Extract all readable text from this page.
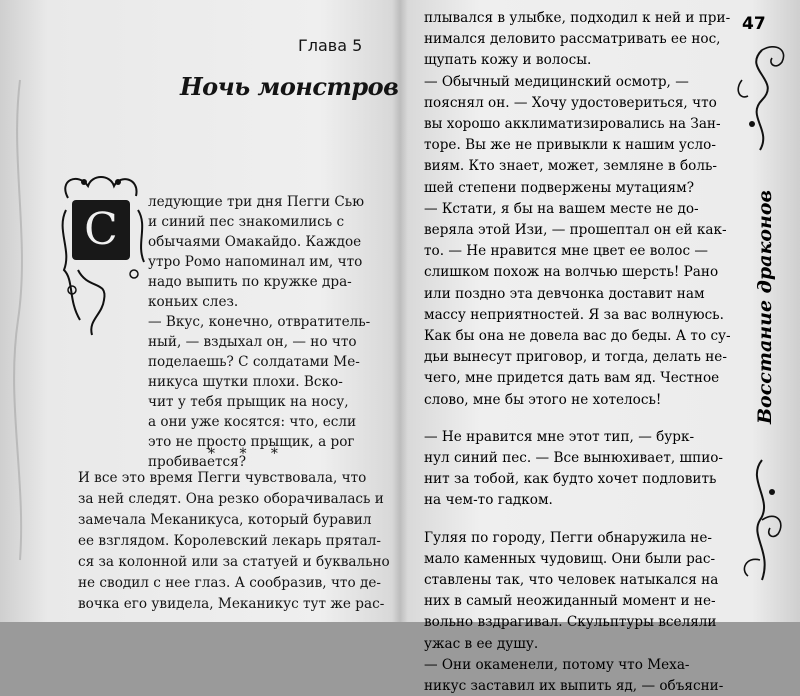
Глава 5
Ночь монстров
С
ледующие три дня Пегги Сью
и синий пес знакомились с
обычаями Омакайдо. Каждое
утро Ромо напоминал им, что
надо выпить по кружке дра-
коньих слез.
— Вкус, конечно, отвратитель-
ный, — вздыхал он, — но что
поделаешь? С солдатами Ме-
никуса шутки плохи. Вско-
чит у тебя прыщик на носу,
а они уже косятся: что, если
это не просто прыщик, а рог
пробивается?
* * *
И все это время Пегги чувствовала, что
за ней следят. Она резко оборачивалась и
замечала Меканикуса, который буравил
ее взглядом. Королевский лекарь прятал-
ся за колонной или за статуей и буквально
не сводил с нее глаз. А сообразив, что де-
вочка его увидела, Меканикус тут же рас-
47
плывался в улыбке, подходил к ней и при-
нимался деловито рассматривать ее нос,
щупать кожу и волосы.
— Обычный медицинский осмотр, —
пояснял он. — Хочу удостовериться, что
вы хорошо акклиматизировались на Зан-
торе. Вы же не привыкли к нашим усло-
виям. Кто знает, может, земляне в боль-
шей степени подвержены мутациям?
— Кстати, я бы на вашем месте не до-
веряла этой Изи, — прошептал он ей как-
то. — Не нравится мне цвет ее волос —
слишком похож на волчью шерсть! Рано
или поздно эта девчонка доставит нам
массу неприятностей. Я за вас волнуюсь.
Как бы она не довела вас до беды. А то су-
дьи вынесут приговор, и тогда, делать не-
чего, мне придется дать вам яд. Честное
слово, мне бы этого не хотелось!
— Не нравится мне этот тип, — бурк-
нул синий пес. — Все вынюхивает, шпио-
нит за тобой, как будто хочет подловить
на чем-то гадком.
Гуляя по городу, Пегги обнаружила не-
мало каменных чудовищ. Они были рас-
ставлены так, что человек натыкался на
них в самый неожиданный момент и не-
вольно вздрагивал. Скульптуры вселяли
ужас в ее душу.
— Они окаменели, потому что Меха-
никус заставил их выпить яд, — объясни-
Восстание драконов
